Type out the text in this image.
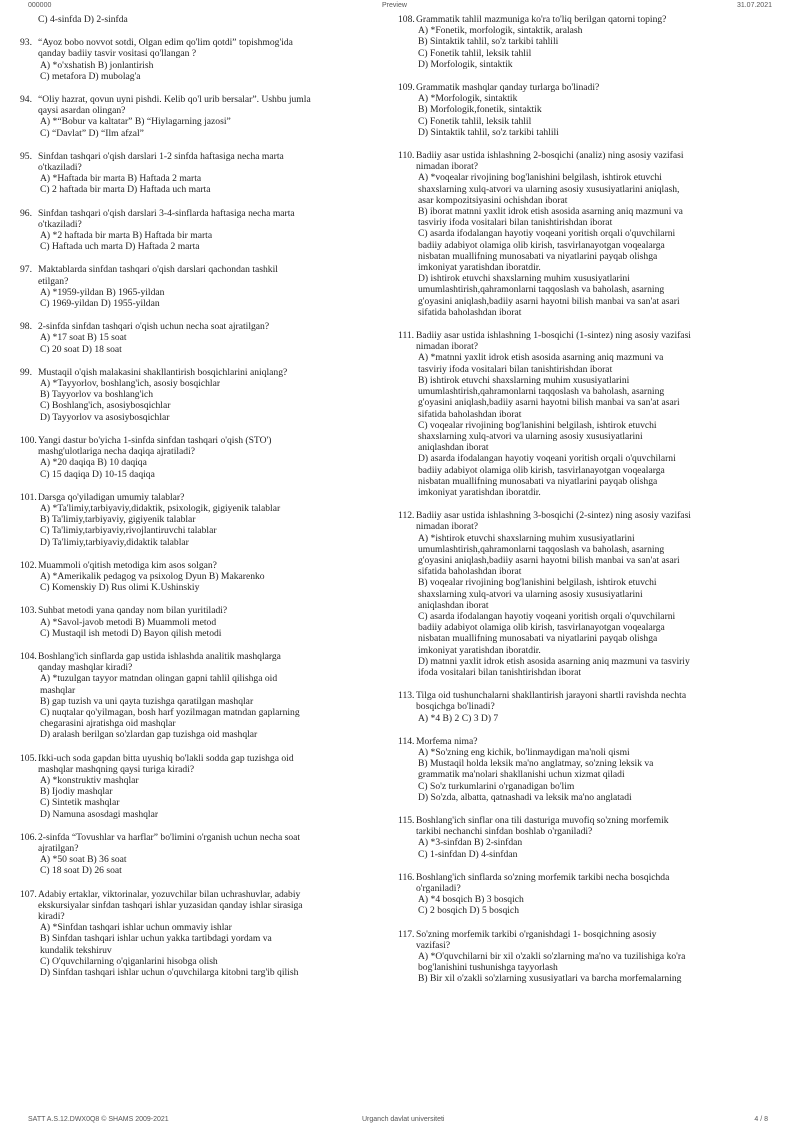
000000	Preview	31.07.2021
C) 4-sinfda D) 2-sinfda
93. “Ayoz bobo novvot sotdi, Olgan edim qo'lim qotdi” topishmog'ida
qanday badiiy tasvir vositasi qo'llangan ?
A) *o'xshatish B) jonlantirish
C) metafora D) mubolag'a
94. “Oliy hazrat, qovun uyni pishdi. Kelib qo'l urib bersalar”. Ushbu jumla
qaysi asardan olingan?
A) *“Bobur va kaltatar” B) “Hiylagarning jazosi”
C) “Davlat” D) “Ilm afzal”
95. Sinfdan tashqari o'qish darslari 1-2 sinfda haftasiga necha marta
o'tkaziladi?
A) *Haftada bir marta B) Haftada 2 marta
C) 2 haftada bir marta D) Haftada uch marta
96. Sinfdan tashqari o'qish darslari 3-4-sinflarda haftasiga necha marta
o'tkaziladi?
A) *2 haftada bir marta B) Haftada bir marta
C) Haftada uch marta D) Haftada 2 marta
97. Maktablarda sinfdan tashqari o'qish darslari qachondan tashkil
etilgan?
A) *1959-yildan B) 1965-yildan
C) 1969-yildan D) 1955-yildan
98. 2-sinfda sinfdan tashqari o'qish uchun necha soat ajratilgan?
A) *17 soat B) 15 soat
C) 20 soat D) 18 soat
99. Mustaqil o'qish malakasini shakllantirish bosqichlarini aniqlang?
A) *Tayyorlov, boshlang'ich, asosiy bosqichlar
B) Tayyorlov va boshlang'ich
C) Boshlang'ich, asosiybosqichlar
D) Tayyorlov va asosiybosqichlar
100. Yangi dastur bo'yicha 1-sinfda sinfdan tashqari o'qish (STO')
mashg'ulotlariga necha daqiqa ajratiladi?
A) *20 daqiqa B) 10 daqiqa
C) 15 daqiqa D) 10-15 daqiqa
101. Darsga qo'yiladigan umumiy talablar?
A) *Ta'limiy,tarbiyaviy,didaktik, psixologik, gigiyenik talablar
B) Ta'limiy,tarbiyaviy, gigiyenik talablar
C) Ta'limiy,tarbiyaviy,rivojlantiruvchi talablar
D) Ta'limiy,tarbiyaviy,didaktik talablar
102. Muammoli o'qitish metodiga kim asos solgan?
A) *Amerikalik pedagog va psixolog Dyun B) Makarenko
C) Komenskiy D) Rus olimi K.Ushinskiy
103. Suhbat metodi yana qanday nom bilan yuritiladi?
A) *Savol-javob metodi B) Muammoli metod
C) Mustaqil ish metodi D) Bayon qilish metodi
104. Boshlang'ich sinflarda gap ustida ishlashda analitik mashqlarga
qanday mashqlar kiradi?
A) *tuzulgan tayyor matndan olingan gapni tahlil qilishga oid
mashqlar
B) gap tuzish va uni qayta tuzishga qaratilgan mashqlar
C) nuqtalar qo'yilmagan, bosh harf yozilmagan matndan gaplarning
chegarasini ajratishga oid mashqlar
D) aralash berilgan so'zlardan gap tuzishga oid mashqlar
105. Ikki-uch soda gapdan bitta uyushiq bo'lakli sodda gap tuzishga oid
mashqlar mashqning qaysi turiga kiradi?
A) *konstruktiv mashqlar
B) Ijodiy mashqlar
C) Sintetik mashqlar
D) Namuna asosdagi mashqlar
106. 2-sinfda “Tovushlar va harflar” bo'limini o'rganish uchun necha soat
ajratilgan?
A) *50 soat B) 36 soat
C) 18 soat D) 26 soat
107. Adabiy ertaklar, viktorinalar, yozuvchilar bilan uchrashuvlar, adabiy
ekskursiyalar sinfdan tashqari ishlar yuzasidan qanday ishlar sirasiga
kiradi?
A) *Sinfdan tashqari ishlar uchun ommaviy ishlar
B) Sinfdan tashqari ishlar uchun yakka tartibdagi yordam va
kundalik tekshiruv
C) O'quvchilarning o'qiganlarini hisobga olish
D) Sinfdan tashqari ishlar uchun o'quvchilarga kitobni targ'ib qilish
108. Grammatik tahlil mazmuniga ko'ra to'liq berilgan qatorni toping?
A) *Fonetik, morfologik, sintaktik, aralash
B) Sintaktik tahlil, so'z tarkibi tahlili
C) Fonetik tahlil, leksik tahlil
D) Morfologik, sintaktik
109. Grammatik mashqlar qanday turlarga bo'linadi?
A) *Morfologik, sintaktik
B) Morfologik,fonetik, sintaktik
C) Fonetik tahlil, leksik tahlil
D) Sintaktik tahlil, so'z tarkibi tahlili
110. Badiiy asar ustida ishlashning 2-bosqichi (analiz) ning asosiy vazifasi
nimadan iborat?
A) *voqealar rivojining bog'lanishini belgilash, ishtirok etuvchi
shaxslarning xulq-atvori va ularning asosiy xususiyatlarini aniqlash,
asar kompozitsiyasini ochishdan iborat
B) iborat matnni yaxlit idrok etish asosida asarning aniq mazmuni va
tasviriy ifoda vositalari bilan tanishtirishdan iborat
C) asarda ifodalangan hayotiy voqeani yoritish orqali o'quvchilarni
badiiy adabiyot olamiga olib kirish, tasvirlanayotgan voqealarga
nisbatan muallifning munosabati va niyatlarini payqab olishga
imkoniyat yaratishdan iboratdir.
D) ishtirok etuvchi shaxslarning muhim xususiyatlarini
umumlashtirish,qahramonlarni taqqoslash va baholash, asarning
g'oyasini aniqlash,badiiy asarni hayotni bilish manbai va san'at asari
sifatida baholashdan iborat
111. Badiiy asar ustida ishlashning 1-bosqichi (1-sintez) ning asosiy vazifasi
nimadan iborat?
A) *matnni yaxlit idrok etish asosida asarning aniq mazmuni va
tasviriy ifoda vositalari bilan tanishtirishdan iborat
B) ishtirok etuvchi shaxslarning muhim xususiyatlarini
umumlashtirish,qahramonlarni taqqoslash va baholash, asarning
g'oyasini aniqlash,badiiy asarni hayotni bilish manbai va san'at asari
sifatida baholashdan iborat
C) voqealar rivojining bog'lanishini belgilash, ishtirok etuvchi
shaxslarning xulq-atvori va ularning asosiy xususiyatlarini
aniqlashdan iborat
D) asarda ifodalangan hayotiy voqeani yoritish orqali o'quvchilarni
badiiy adabiyot olamiga olib kirish, tasvirlanayotgan voqealarga
nisbatan muallifning munosabati va niyatlarini payqab olishga
imkoniyat yaratishdan iboratdir.
112. Badiiy asar ustida ishlashning 3-bosqichi (2-sintez) ning asosiy vazifasi
nimadan iborat?
A) *ishtirok etuvchi shaxslarning muhim xususiyatlarini
umumlashtirish,qahramonlarni taqqoslash va baholash, asarning
g'oyasini aniqlash,badiiy asarni hayotni bilish manbai va san'at asari
sifatida baholashdan iborat
B) voqealar rivojining bog'lanishini belgilash, ishtirok etuvchi
shaxslarning xulq-atvori va ularning asosiy xususiyatlarini
aniqlashdan iborat
C) asarda ifodalangan hayotiy voqeani yoritish orqali o'quvchilarni
badiiy adabiyot olamiga olib kirish, tasvirlanayotgan voqealarga
nisbatan muallifning munosabati va niyatlarini payqab olishga
imkoniyat yaratishdan iboratdir.
D) matnni yaxlit idrok etish asosida asarning aniq mazmuni va tasviriy
ifoda vositalari bilan tanishtirishdan iborat
113. Tilga oid tushunchalarni shakllantirish jarayoni shartli ravishda nechta
bosqichga bo'linadi?
A) *4 B) 2 C) 3 D) 7
114. Morfema nima?
A) *So'zning eng kichik, bo'linmaydigan ma'noli qismi
B) Mustaqil holda leksik ma'no anglatmay, so'zning leksik va
grammatik ma'nolari shakllanishi uchun xizmat qiladi
C) So'z turkumlarini o'rganadigan bo'lim
D) So'zda, albatta, qatnashadi va leksik ma'no anglatadi
115. Boshlang'ich sinflar ona tili dasturiga muvofiq so'zning morfemik
tarkibi nechanchi sinfdan boshlab o'rganiladi?
A) *3-sinfdan B) 2-sinfdan
C) 1-sinfdan D) 4-sinfdan
116. Boshlang'ich sinflarda so'zning morfemik tarkibi necha bosqichda
o'rganiladi?
A) *4 bosqich B) 3 bosqich
C) 2 bosqich D) 5 bosqich
117. So'zning morfemik tarkibi o'rganishdagi 1- bosqichning asosiy
vazifasi?
A) *O'quvchilarni bir xil o'zakli so'zlarning ma'no va tuzilishiga ko'ra
bog'lanishini tushunishga tayyorlash
B) Bir xil o'zakli so'zlarning xususiyatlari va barcha morfemalarning
SATT A.S.12.DWX0Q8 © SHAMS 2009-2021	Urganch davlat universiteti	4 / 8
